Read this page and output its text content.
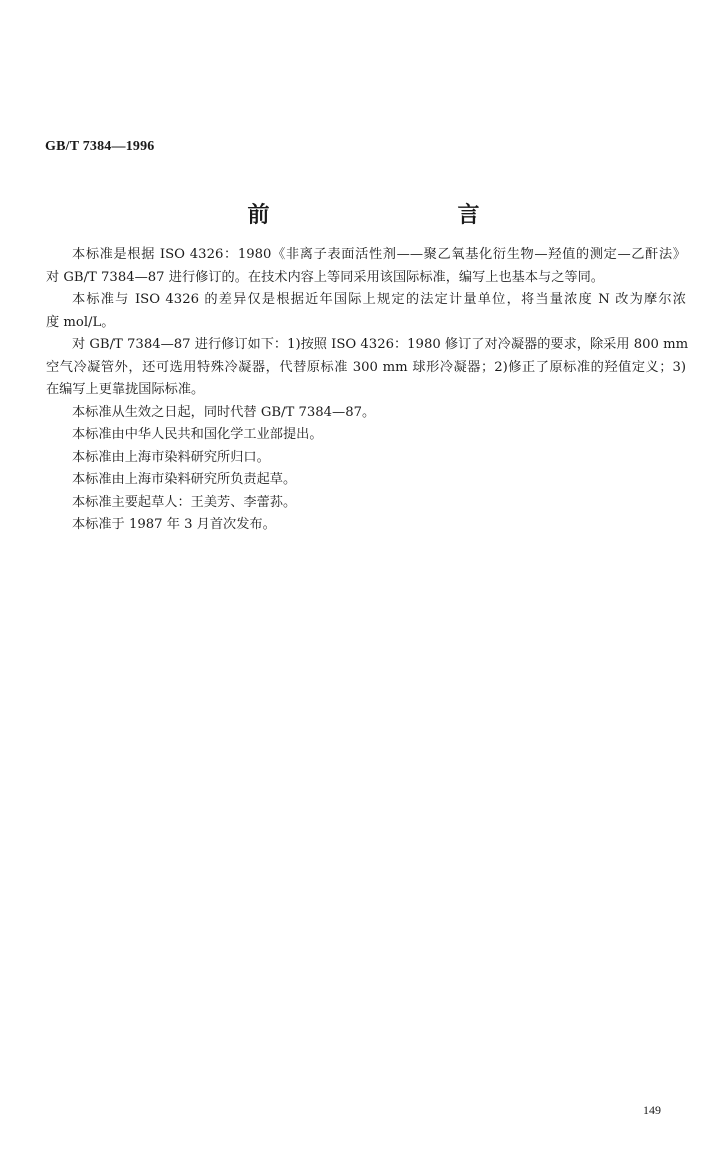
GB/T 7384—1996
前　　言

本标准是根据 ISO 4326：1980《非离子表面活性剂——聚乙氧基化衍生物—羟值的测定—乙酐法》
对 GB/T 7384—87 进行修订的。在技术内容上等同采用该国际标准，编写上也基本与之等同。

本标准与 ISO 4326 的差异仅是根据近年国际上规定的法定计量单位，将当量浓度 N 改为摩尔浓
度 mol/L。

对 GB/T 7384—87 进行修订如下：1)按照 ISO 4326：1980 修订了对冷凝器的要求，除采用 800 mm
空气冷凝管外，还可选用特殊冷凝器，代替原标准 300 mm 球形冷凝器；2)修正了原标准的羟值定义；3)
在编写上更靠拢国际标准。

本标准从生效之日起，同时代替 GB/T 7384—87。

本标准由中华人民共和国化学工业部提出。

本标准由上海市染料研究所归口。

本标准由上海市染料研究所负责起草。

本标准主要起草人：王美芳、李蕾荪。

本标准于 1987 年 3 月首次发布。

149
